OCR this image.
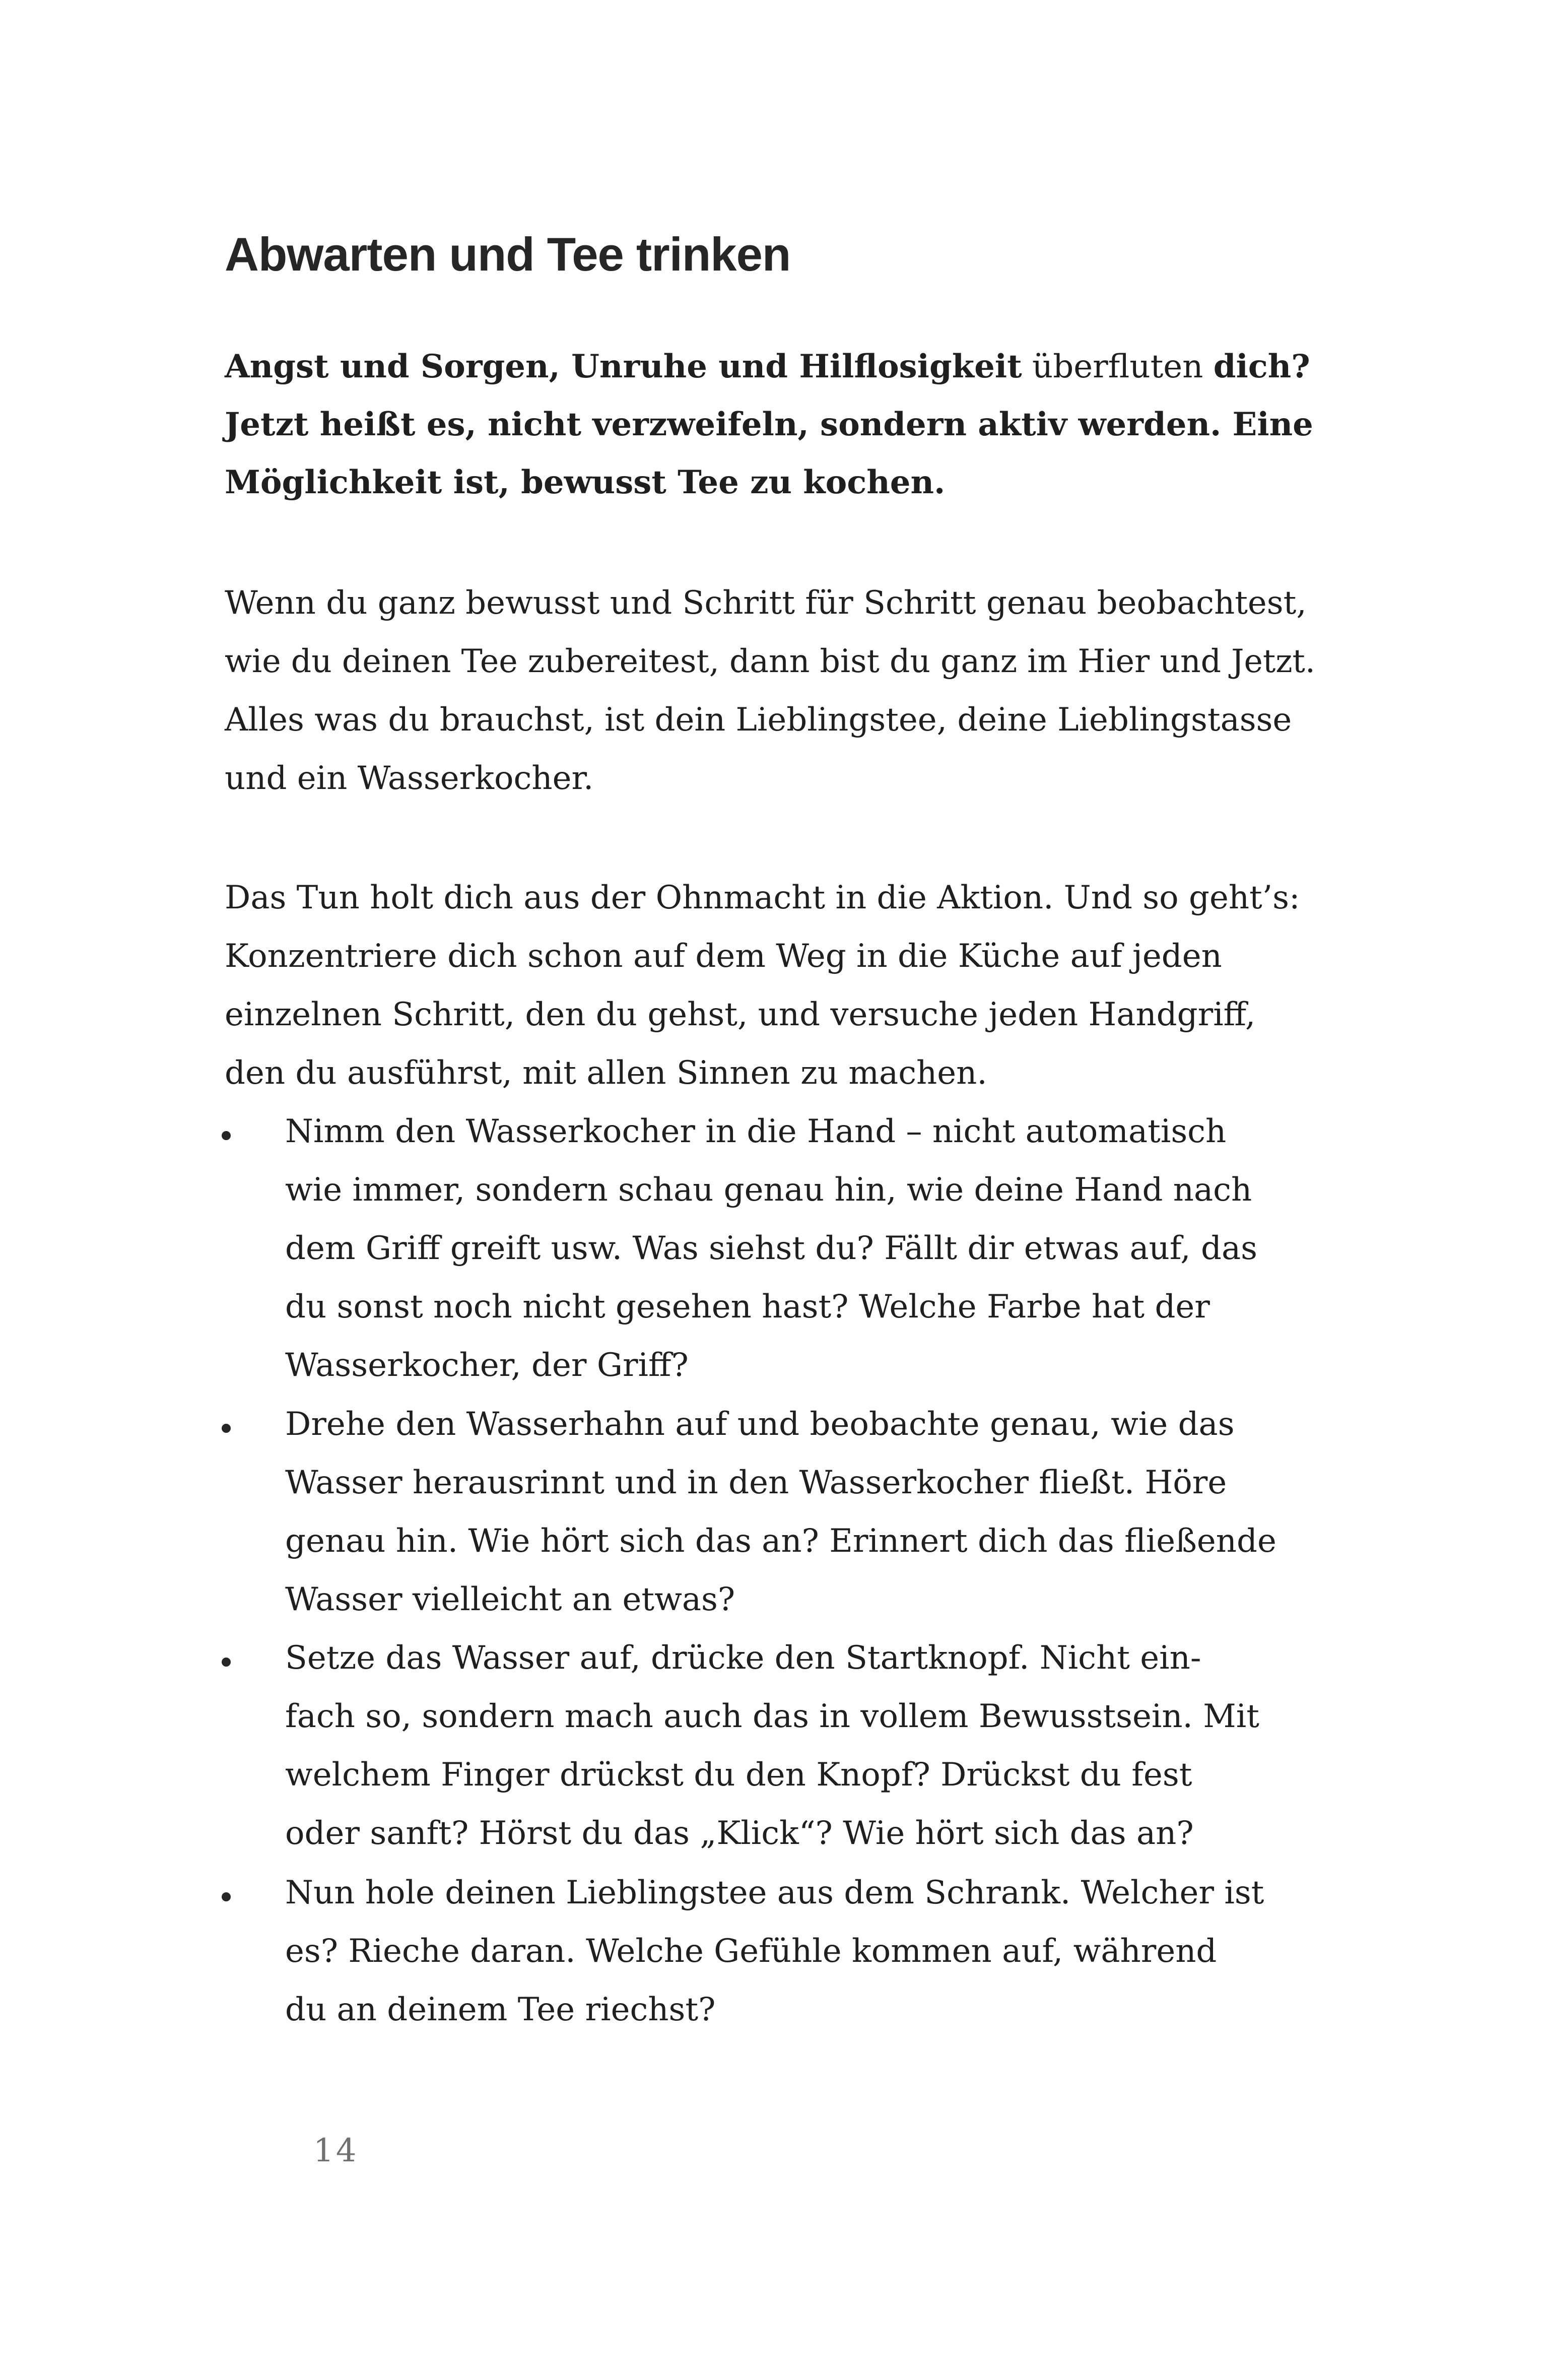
Abwarten und Tee trinken
Angst und Sorgen, Unruhe und Hilflosigkeit überfluten dich?
Jetzt heißt es, nicht verzweifeln, sondern aktiv werden. Eine
Möglichkeit ist, bewusst Tee zu kochen.
Wenn du ganz bewusst und Schritt für Schritt genau beobachtest,
wie du deinen Tee zubereitest, dann bist du ganz im Hier und Jetzt.
Alles was du brauchst, ist dein Lieblingstee, deine Lieblingstasse
und ein Wasserkocher.
Das Tun holt dich aus der Ohnmacht in die Aktion. Und so geht’s:
Konzentriere dich schon auf dem Weg in die Küche auf jeden
einzelnen Schritt, den du gehst, und versuche jeden Handgriff,
den du ausführst, mit allen Sinnen zu machen.
Nimm den Wasserkocher in die Hand – nicht automatisch
wie immer, sondern schau genau hin, wie deine Hand nach
dem Griff greift usw. Was siehst du? Fällt dir etwas auf, das
du sonst noch nicht gesehen hast? Welche Farbe hat der
Wasserkocher, der Griff?
Drehe den Wasserhahn auf und beobachte genau, wie das
Wasser herausrinnt und in den Wasserkocher fließt. Höre
genau hin. Wie hört sich das an? Erinnert dich das fließende
Wasser vielleicht an etwas?
Setze das Wasser auf, drücke den Startknopf. Nicht ein-
fach so, sondern mach auch das in vollem Bewusstsein. Mit
welchem Finger drückst du den Knopf? Drückst du fest
oder sanft? Hörst du das „Klick“? Wie hört sich das an?
Nun hole deinen Lieblingstee aus dem Schrank. Welcher ist
es? Rieche daran. Welche Gefühle kommen auf, während
du an deinem Tee riechst?
14
